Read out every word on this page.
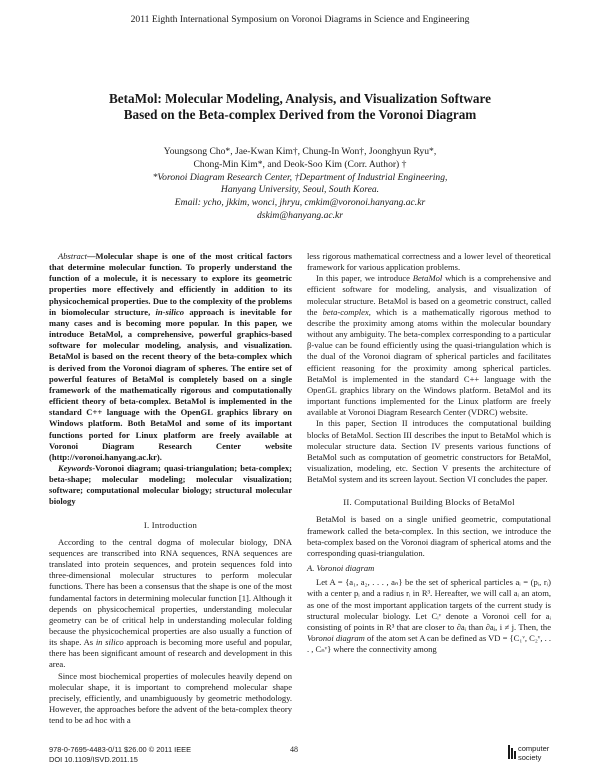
2011 Eighth International Symposium on Voronoi Diagrams in Science and Engineering
BetaMol: Molecular Modeling, Analysis, and Visualization Software
Based on the Beta-complex Derived from the Voronoi Diagram
Youngsong Cho*, Jae-Kwan Kim†, Chung-In Won†, Joonghyun Ryu*,
Chong-Min Kim*, and Deok-Soo Kim (Corr. Author) †
*Voronoi Diagram Research Center, †Department of Industrial Engineering,
Hanyang University, Seoul, South Korea.
Email: ycho, jkkim, wonci, jhryu, cmkim@voronoi.hanyang.ac.kr
dskim@hanyang.ac.kr

Abstract—Molecular shape is one of the most critical factors that determine molecular function. To properly understand the function of a molecule, it is necessary to explore its geometric properties more effectively and efficiently in addition to its physicochemical properties. Due to the complexity of the problems in biomolecular structure, in-silico approach is inevitable for many cases and is becoming more popular. In this paper, we introduce BetaMol, a comprehensive, powerful graphics-based software for molecular modeling, analysis, and visualization. BetaMol is based on the recent theory of the beta-complex which is derived from the Voronoi diagram of spheres. The entire set of powerful features of BetaMol is completely based on a single framework of the mathematically rigorous and computationally efficient theory of beta-complex. BetaMol is implemented in the standard C++ language with the OpenGL graphics library on Windows platform. Both BetaMol and some of its important functions ported for Linux platform are freely available at Voronoi Diagram Research Center website (http://voronoi.hanyang.ac.kr).

Keywords-Voronoi diagram; quasi-triangulation; beta-complex; beta-shape; molecular modeling; molecular visualization; software; computational molecular biology; structural molecular biology

I. Introduction

According to the central dogma of molecular biology, DNA sequences are transcribed into RNA sequences, RNA sequences are translated into protein sequences, and protein sequences fold into three-dimensional molecular structures to perform molecular functions. There has been a consensus that the shape is one of the most fundamental factors in determining molecular function [1]. Although it depends on physicochemical properties, understanding molecular geometry can be of critical help in understanding molecular folding because the physicochemical properties are also usually a function of its shape. As in silico approach is becoming more useful and popular, there has been significant amount of research and development in this area.

Since most biochemical properties of molecules heavily depend on molecular shape, it is important to comprehend molecular shape precisely, efficiently, and unambiguously by geometric methodology. However, the approaches before the advent of the beta-complex theory tend to be ad hoc with a

less rigorous mathematical correctness and a lower level of theoretical framework for various application problems.

In this paper, we introduce BetaMol which is a comprehensive and efficient software for modeling, analysis, and visualization of molecular structure. BetaMol is based on a geometric construct, called the beta-complex, which is a mathematically rigorous method to describe the proximity among atoms within the molecular boundary without any ambiguity. The beta-complex corresponding to a particular β-value can be found efficiently using the quasi-triangulation which is the dual of the Voronoi diagram of spherical particles and facilitates efficient reasoning for the proximity among spherical particles. BetaMol is implemented in the standard C++ language with the OpenGL graphics library on the Windows platform. BetaMol and its important functions implemented for the Linux platform are freely available at Voronoi Diagram Research Center (VDRC) website.

In this paper, Section II introduces the computational building blocks of BetaMol. Section III describes the input to BetaMol which is molecular structure data. Section IV presents various functions of BetaMol such as computation of geometric constructors for BetaMol, visualization, modeling, etc. Section V presents the architecture of BetaMol system and its screen layout. Section VI concludes the paper.

II. Computational Building Blocks of BetaMol

BetaMol is based on a single unified geometric, computational framework called the beta-complex. In this section, we introduce the beta-complex based on the Voronoi diagram of spherical atoms and the corresponding quasi-triangulation.

A. Voronoi diagram

Let A = {a₁, a₂, . . . , aₙ} be the set of spherical particles aᵢ = (pᵢ, rᵢ) with a center pᵢ and a radius rᵢ in R³. Hereafter, we will call aᵢ an atom, as one of the most important application targets of the current study is structural molecular biology. Let Cᵢᵛ denote a Voronoi cell for aᵢ consisting of points in R³ that are closer to ∂aᵢ than ∂aⱼ, i ≠ j. Then, the Voronoi diagram of the atom set A can be defined as VD = {C₁ᵛ, C₂ᵛ, . . . , Cₙᵛ} where the connectivity among

978-0-7695-4483-0/11 $26.00 © 2011 IEEE
DOI 10.1109/ISVD.2011.15
48	computer
society
